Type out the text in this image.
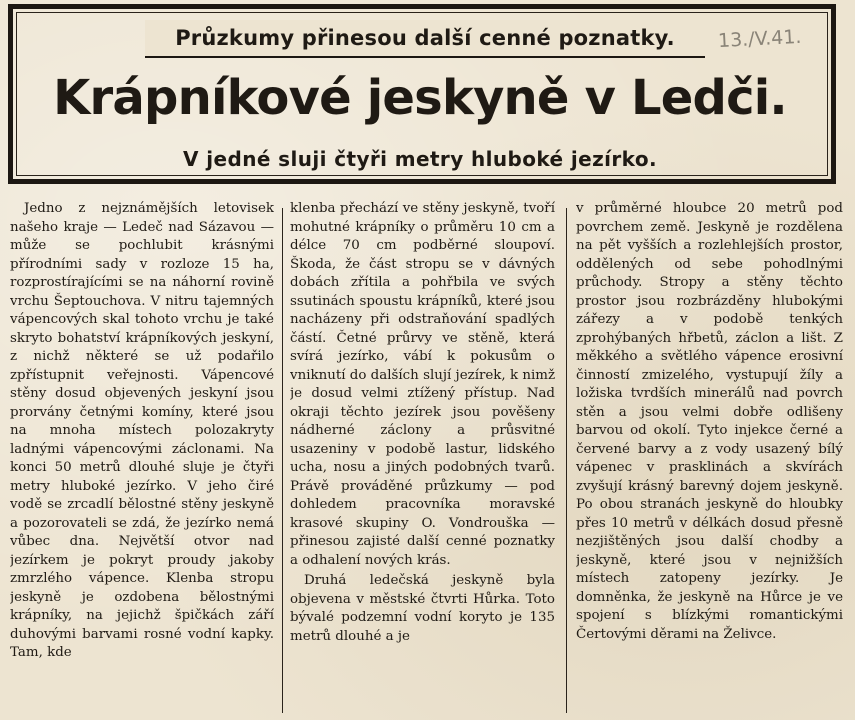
Průzkumy přinesou další cenné poznatky.	13./V.41.
Krápníkové jeskyně v Ledči.
V jedné sluji čtyři metry hluboké jezírko.

Jedno z nejznámějších letovisek našeho kraje — Ledeč nad Sázavou — může se pochlubit krásnými přírodními sady v rozloze 15 ha, rozprostírajícími se na náhorní rovině vrchu Šeptouchova. V nitru tajemných vápencových skal tohoto vrchu je také skryto bohatství krápníkových jeskyní, z nichž některé se už podařilo zpřístupnit veřejnosti. Vápencové stěny dosud objevených jeskyní jsou prorvány četnými komíny, které jsou na mnoha místech polozakryty ladnými vápencovými záclonami. Na konci 50 metrů dlouhé sluje je čtyři metry hluboké jezírko. V jeho čiré vodě se zrcadlí bělostné stěny jeskyně a pozorovateli se zdá, že jezírko nemá vůbec dna. Největší otvor nad jezírkem je pokryt proudy jakoby zmrzlého vápence. Klenba stropu jeskyně je ozdobena bělostnými krápníky, na jejichž špičkách září duhovými barvami rosné vodní kapky. Tam, kde

klenba přechází ve stěny jeskyně, tvoří mohutné krápníky o průměru 10 cm a délce 70 cm podběrné sloupoví. Škoda, že část stropu se v dávných dobách zřítila a pohřbila ve svých ssutinách spoustu krápníků, které jsou nacházeny při odstraňování spadlých částí. Četné průrvy ve stěně, která svírá jezírko, vábí k pokusům o vniknutí do dalších slují jezírek, k nimž je dosud velmi ztížený přístup. Nad okraji těchto jezírek jsou pověšeny nádherné záclony a průsvitné usazeniny v podobě lastur, lidského ucha, nosu a jiných podobných tvarů. Právě prováděné průzkumy — pod dohledem pracovníka moravské krasové skupiny O. Vondrouška — přinesou zajisté další cenné poznatky a odhalení nových krás.

Druhá ledečská jeskyně byla objevena v městské čtvrti Hůrka. Toto bývalé podzemní vodní koryto je 135 metrů dlouhé a je

v průměrné hloubce 20 metrů pod povrchem země. Jeskyně je rozdělena na pět vyšších a rozlehlejších prostor, oddělených od sebe pohodlnými průchody. Stropy a stěny těchto prostor jsou rozbrázděny hlubokými zářezy a v podobě tenkých zprohýbaných hřbetů, záclon a lišt. Z měkkého a světlého vápence erosivní činností zmizelého, vystupují žíly a ložiska tvrdších minerálů nad povrch stěn a jsou velmi dobře odlišeny barvou od okolí. Tyto injekce černé a červené barvy a z vody usazený bílý vápenec v prasklinách a skvírách zvyšují krásný barevný dojem jeskyně. Po obou stranách jeskyně do hloubky přes 10 metrů v délkách dosud přesně nezjištěných jsou další chodby a jeskyně, které jsou v nejnižších místech zatopeny jezírky. Je domněnka, že jeskyně na Hůrce je ve spojení s blízkými romantickými Čertovými děrami na Želivce.
